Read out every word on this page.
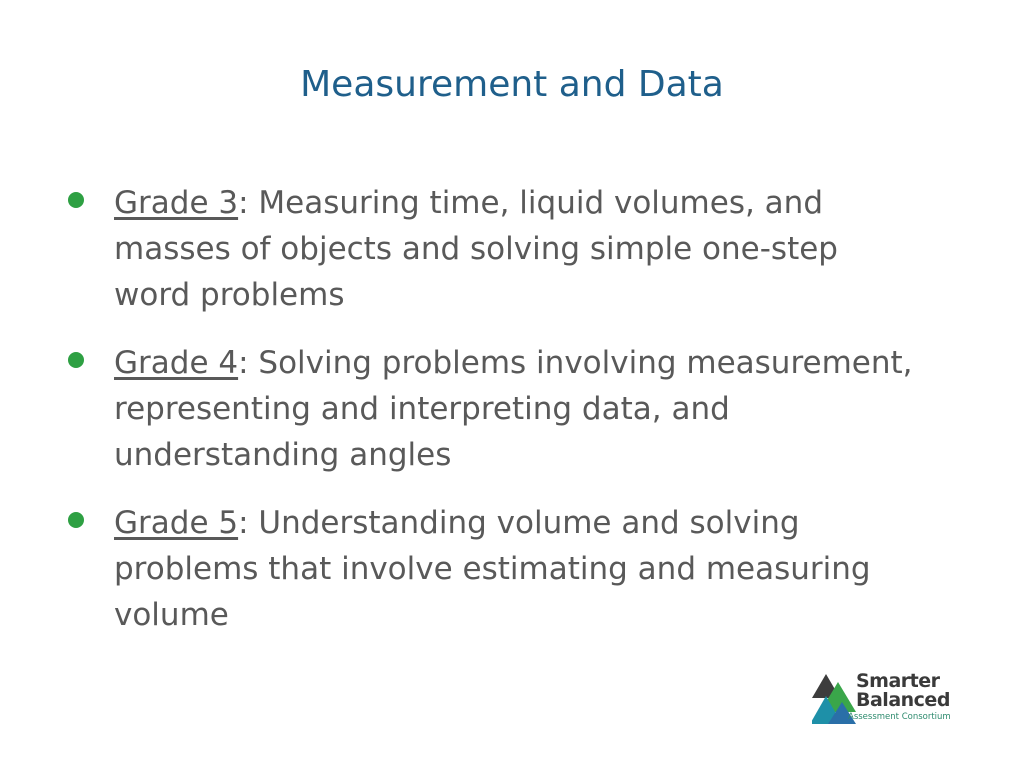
Measurement and Data
Grade 3: Measuring time, liquid volumes, and masses of objects and solving simple one-step word problems
Grade 4: Solving problems involving measurement, representing and interpreting data, and understanding angles
Grade 5: Understanding volume and solving problems that involve estimating and measuring volume
Smarter
Balanced
Assessment Consortium
